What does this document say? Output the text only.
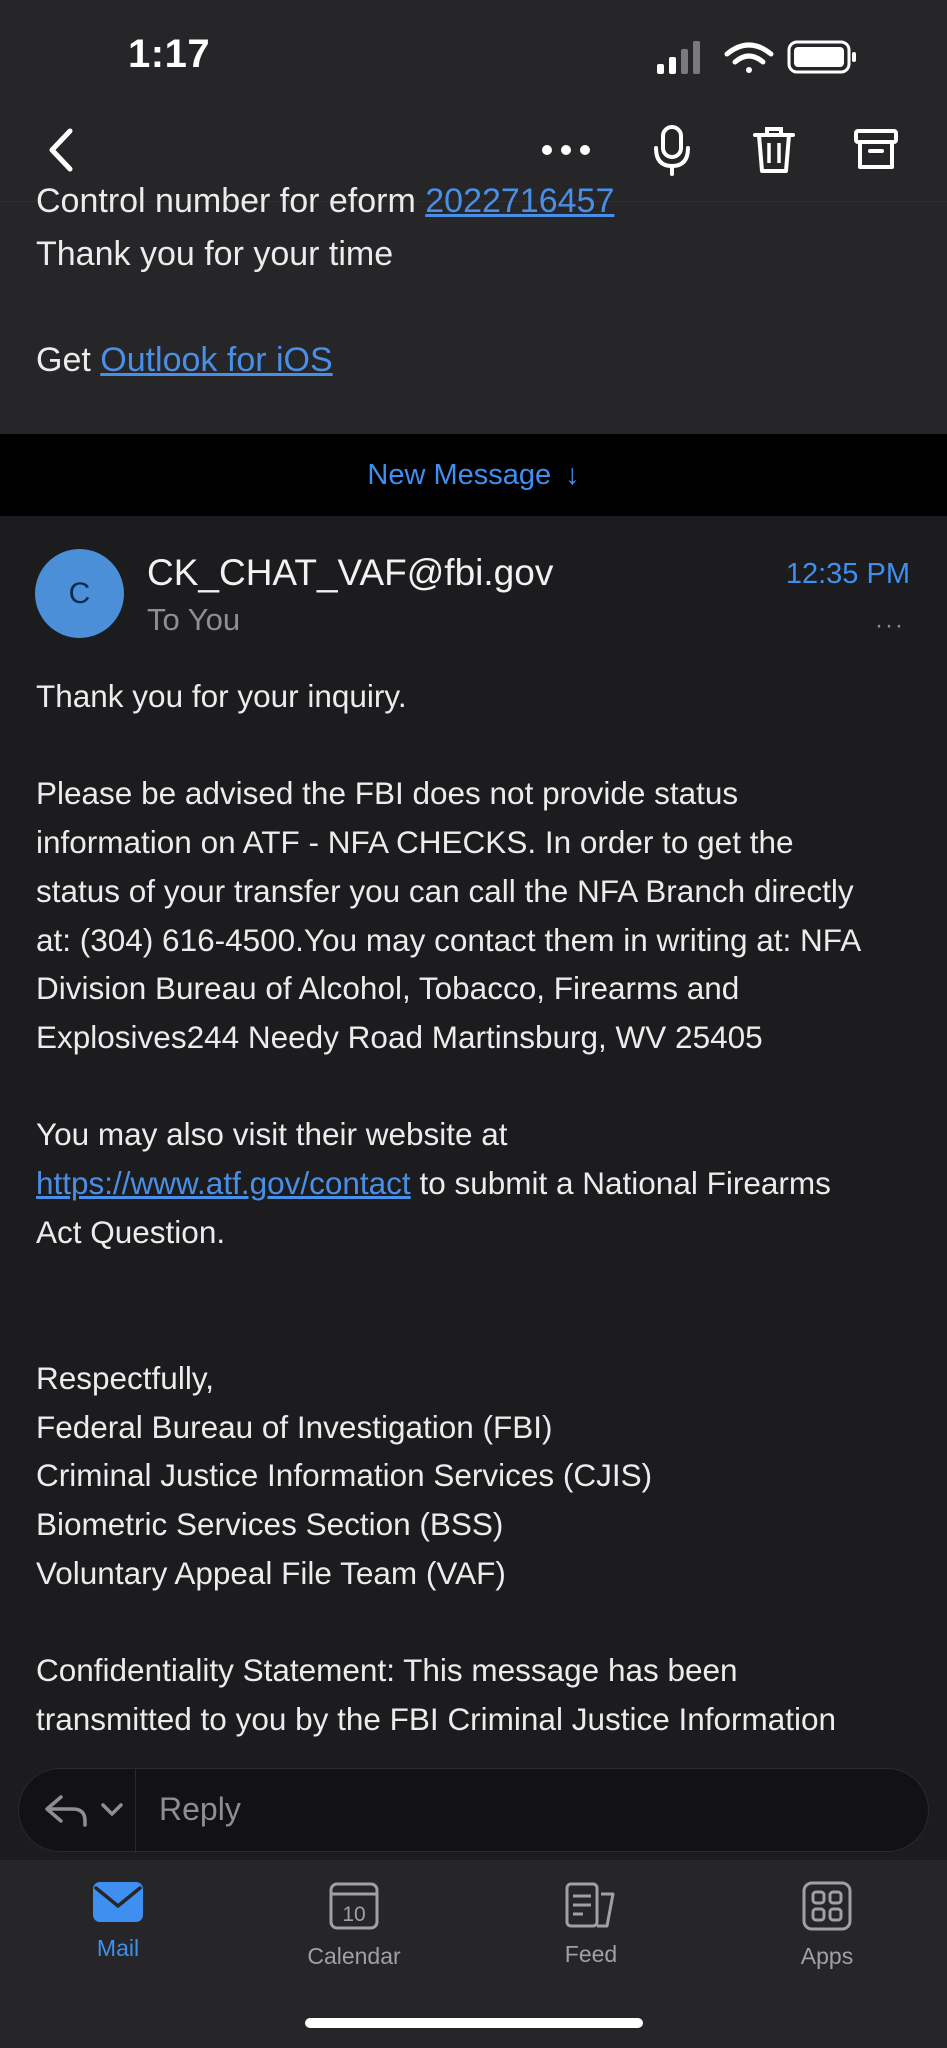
1:17
Control number for eform 2022716457
Thank you for your time
Get Outlook for iOS
New Message ↓
C	CK_CHAT_VAF@fbi.gov
To You
12:35 PM
···

Thank you for your inquiry.

Please be advised the FBI does not provide status

information on ATF - NFA CHECKS. In order to get the

status of your transfer you can call the NFA Branch directly

at: (304) 616-4500.You may contact them in writing at: NFA

Division Bureau of Alcohol, Tobacco, Firearms and

Explosives244 Needy Road Martinsburg, WV 25405

You may also visit their website at

https://www.atf.gov/contact to submit a National Firearms

Act Question.

Respectfully,

Federal Bureau of Investigation (FBI)

Criminal Justice Information Services (CJIS)

Biometric Services Section (BSS)

Voluntary Appeal File Team (VAF)

Confidentiality Statement: This message has been

transmitted to you by the FBI Criminal Justice Information

Reply
Mail
10
Calendar	Feed	Apps
